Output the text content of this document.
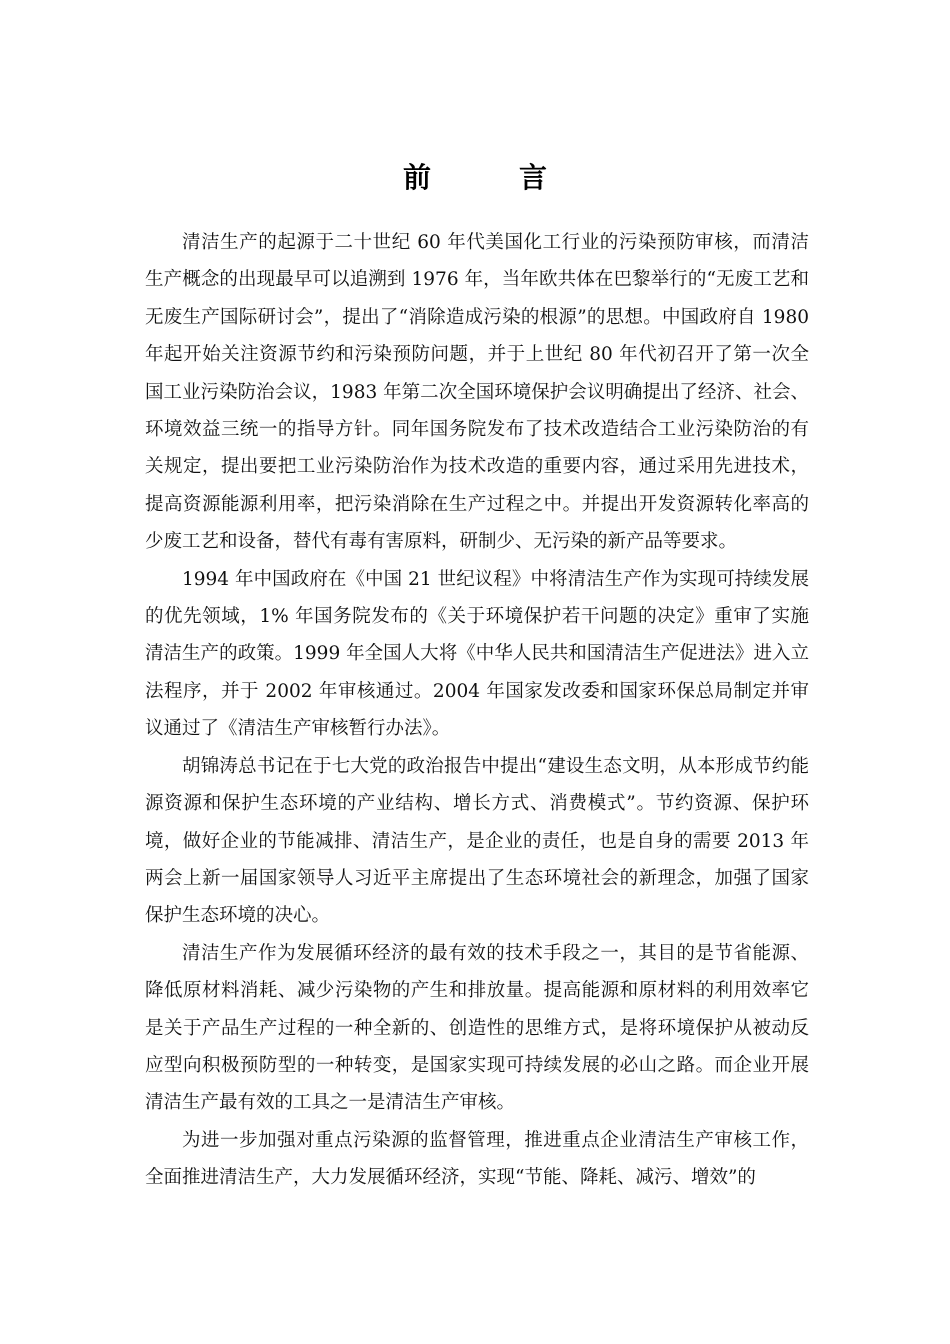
前　言

清洁生产的起源于二十世纪 60 年代美国化工行业的污染预防审核，而清洁生产概念的出现最早可以追溯到 1976 年，当年欧共体在巴黎举行的“无废工艺和无废生产国际研讨会”，提出了“消除造成污染的根源”的思想。中国政府自 1980 年起开始关注资源节约和污染预防问题，并于上世纪 80 年代初召开了第一次全国工业污染防治会议，1983 年第二次全国环境保护会议明确提出了经济、社会、环境效益三统一的指导方针。同年国务院发布了技术改造结合工业污染防治的有关规定，提出要把工业污染防治作为技术改造的重要内容，通过采用先进技术，提高资源能源利用率，把污染消除在生产过程之中。并提出开发资源转化率高的少废工艺和设备，替代有毒有害原料，研制少、无污染的新产品等要求。

1994 年中国政府在《中国 21 世纪议程》中将清洁生产作为实现可持续发展的优先领域，1% 年国务院发布的《关于环境保护若干问题的决定》重审了实施清洁生产的政策。1999 年全国人大将《中华人民共和国清洁生产促进法》进入立法程序，并于 2002 年审核通过。2004 年国家发改委和国家环保总局制定并审议通过了《清洁生产审核暂行办法》。

胡锦涛总书记在于七大党的政治报告中提出“建设生态文明，从本形成节约能源资源和保护生态环境的产业结构、增长方式、消费模式”。节约资源、保护环境，做好企业的节能减排、清洁生产，是企业的责任，也是自身的需要 2013 年两会上新一届国家领导人习近平主席提出了生态环境社会的新理念，加强了国家保护生态环境的决心。

清洁生产作为发展循环经济的最有效的技术手段之一，其目的是节省能源、降低原材料消耗、减少污染物的产生和排放量。提高能源和原材料的利用效率它是关于产品生产过程的一种全新的、创造性的思维方式，是将环境保护从被动反应型向积极预防型的一种转变，是国家实现可持续发展的必山之路。而企业开展清洁生产最有效的工具之一是清洁生产审核。

为进一步加强对重点污染源的监督管理，推进重点企业清洁生产审核工作，全面推进清洁生产，大力发展循环经济，实现“节能、降耗、减污、增效”的
